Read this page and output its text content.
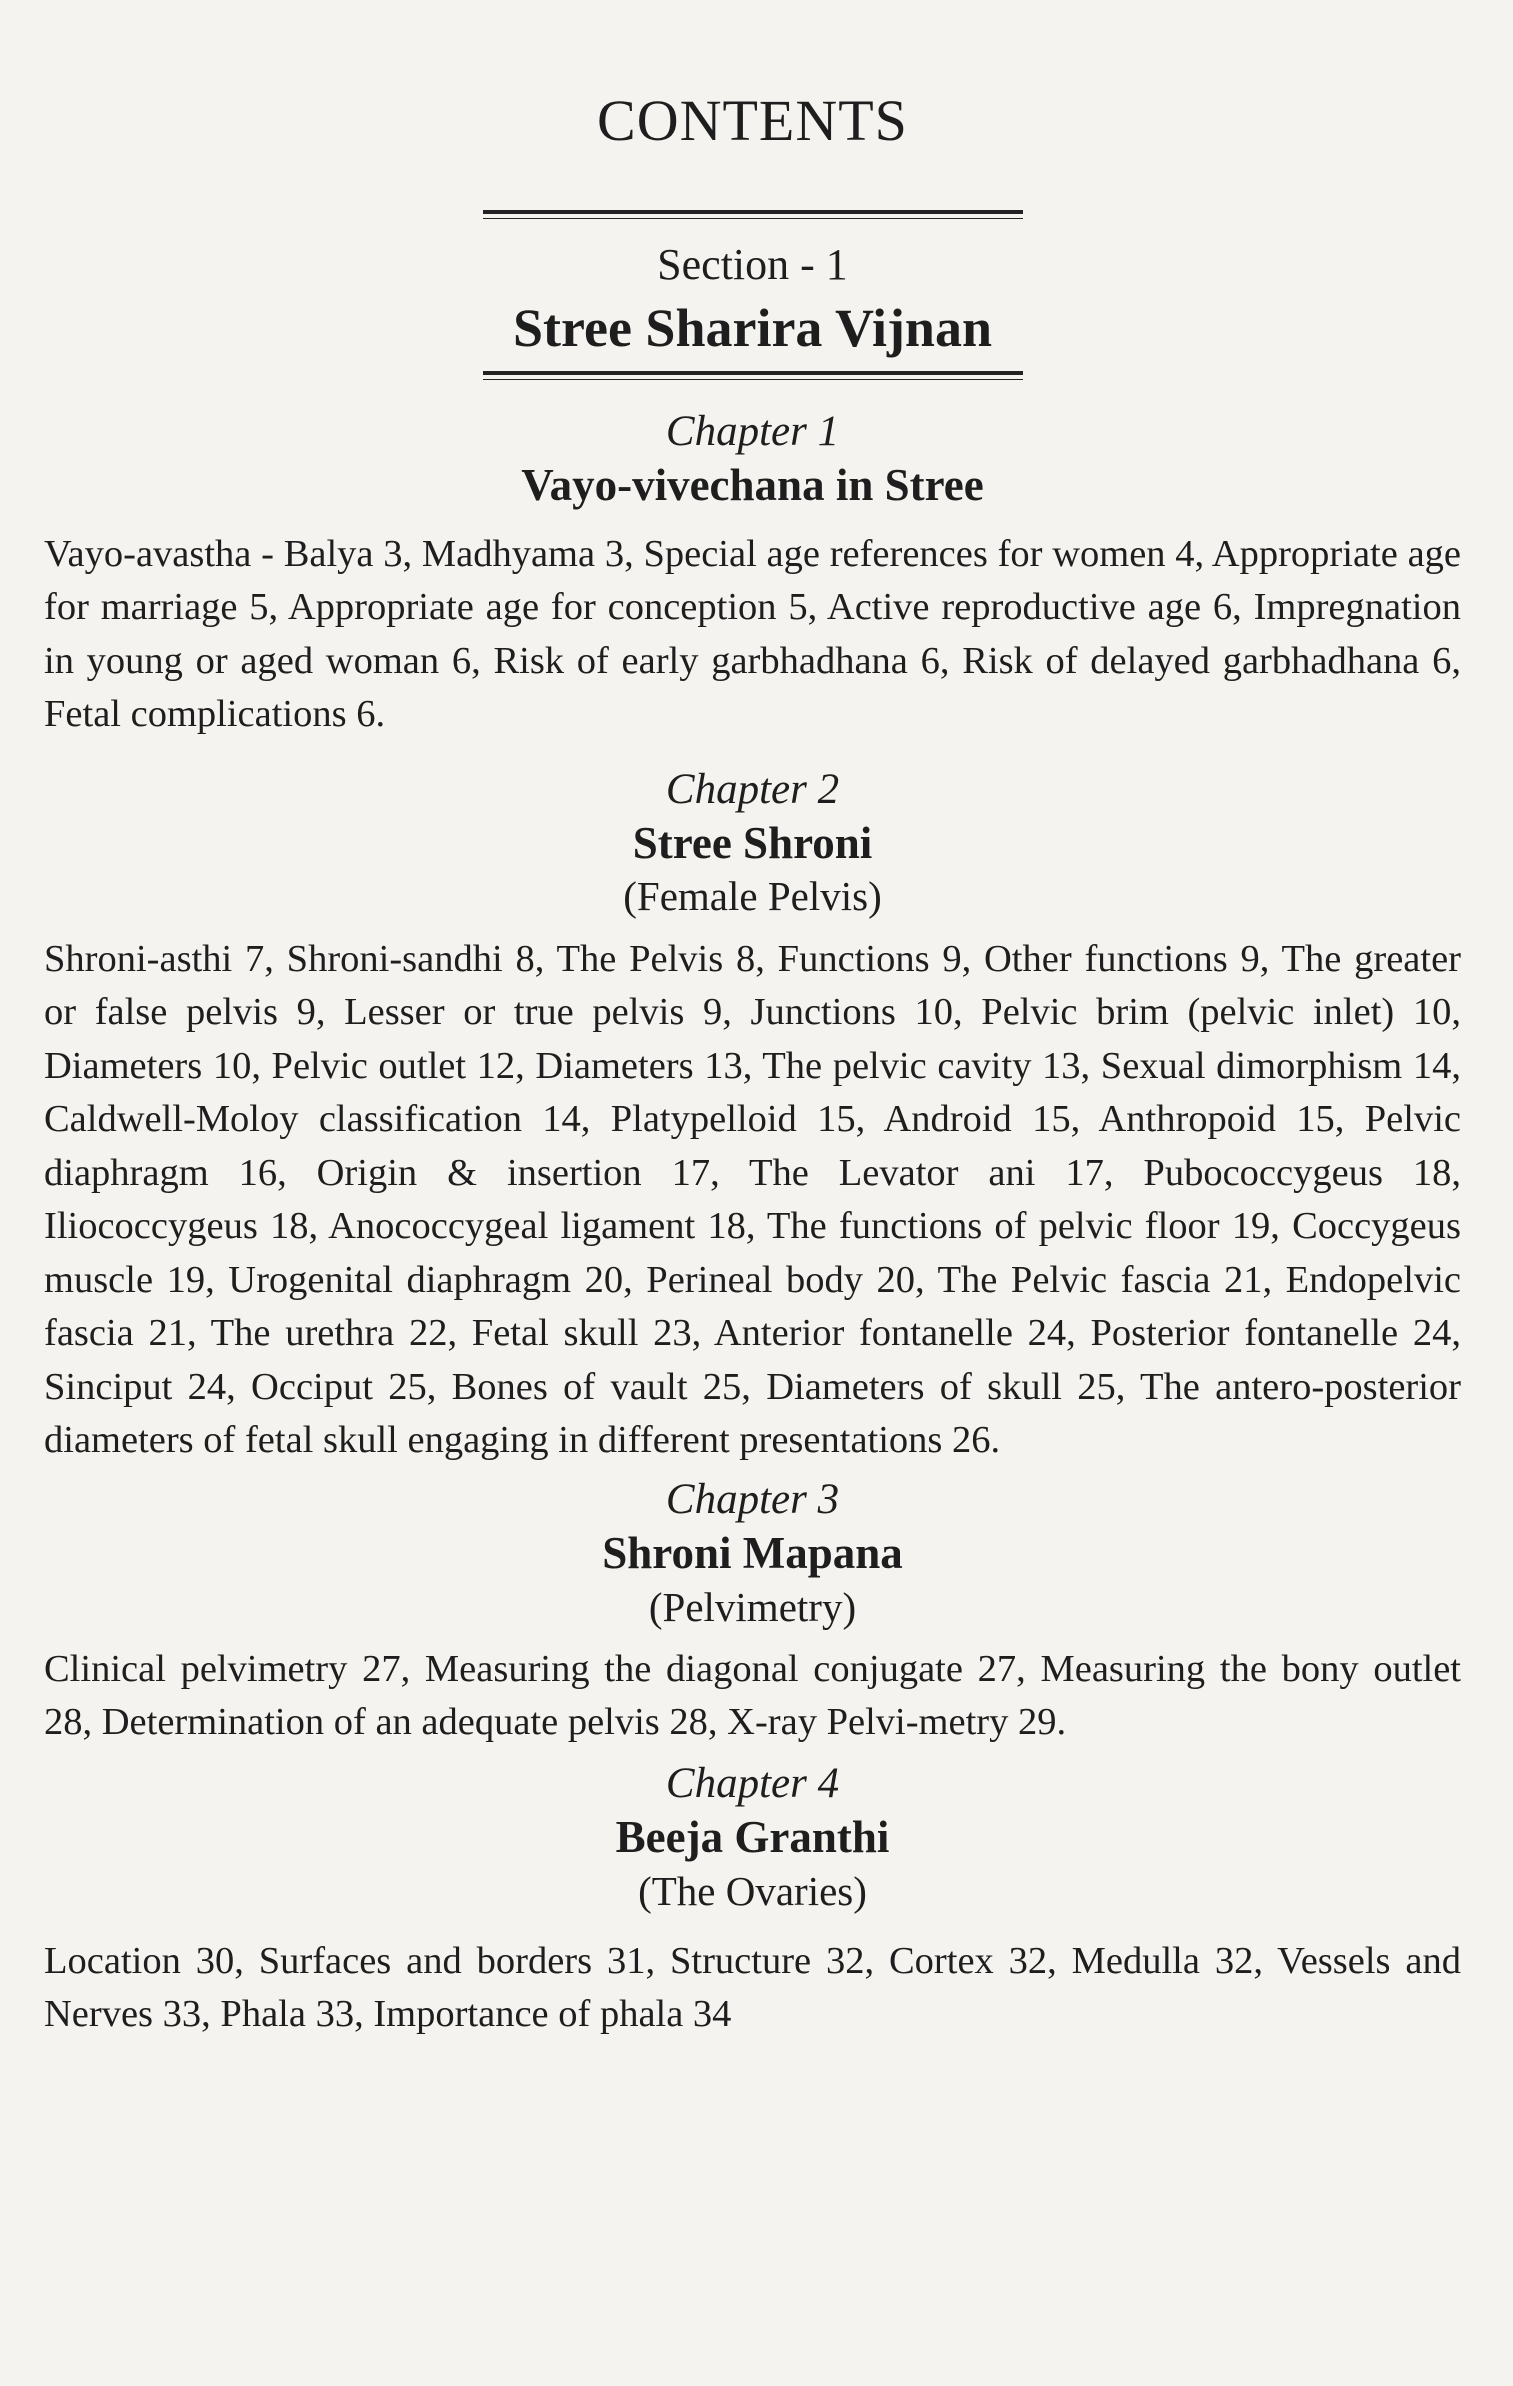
CONTENTS
Section - 1
Stree Sharira Vijnan
Chapter 1
Vayo-vivechana in Stree
Vayo-avastha - Balya 3, Madhyama 3, Special age references for women 4, Appropriate age for marriage 5, Appropriate age for conception 5, Active reproductive age 6, Impregnation in young or aged woman 6, Risk of early garbhadhana 6, Risk of delayed garbhadhana 6, Fetal complications 6.
Chapter 2
Stree Shroni
(Female Pelvis)
Shroni-asthi 7, Shroni-sandhi 8, The Pelvis 8, Functions 9, Other functions 9, The greater or false pelvis 9, Lesser or true pelvis 9, Junctions 10, Pelvic brim (pelvic inlet) 10, Diameters 10, Pelvic outlet 12, Diameters 13, The pelvic cavity 13, Sexual dimorphism 14, Caldwell-Moloy classification 14, Platypelloid 15, Android 15, Anthropoid 15, Pelvic diaphragm 16, Origin & insertion 17, The Levator ani 17, Pubococcygeus 18, Iliococcygeus 18, Anococcygeal ligament 18, The functions of pelvic floor 19, Coccygeus muscle 19, Urogenital diaphragm 20, Perineal body 20, The Pelvic fascia 21, Endopelvic fascia 21, The urethra 22, Fetal skull 23, Anterior fontanelle 24, Posterior fontanelle 24, Sinciput 24, Occiput 25, Bones of vault 25, Diameters of skull 25, The antero-posterior diameters of fetal skull engaging in different presentations 26.
Chapter 3
Shroni Mapana
(Pelvimetry)
Clinical pelvimetry 27, Measuring the diagonal conjugate 27, Measuring the bony outlet 28, Determination of an adequate pelvis 28, X-ray Pelvi-metry 29.
Chapter 4
Beeja Granthi
(The Ovaries)
Location 30, Surfaces and borders 31, Structure 32, Cortex 32, Medulla 32, Vessels and Nerves 33, Phala 33, Importance of phala 34
